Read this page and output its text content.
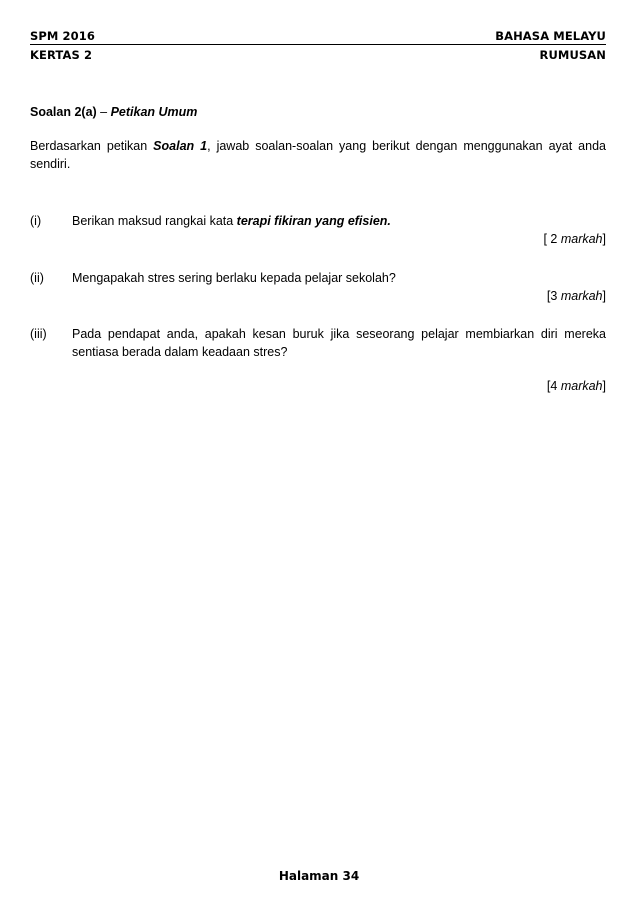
SPM 2016	BAHASA MELAYU
KERTAS 2	RUMUSAN
Soalan 2(a) – Petikan Umum
Berdasarkan petikan Soalan 1, jawab soalan-soalan yang berikut dengan menggunakan ayat anda sendiri.
(i) Berikan maksud rangkai kata terapi fikiran yang efisien.
[ 2 markah]
(ii) Mengapakah stres sering berlaku kepada pelajar sekolah?
[3 markah]
(iii) Pada pendapat anda, apakah kesan buruk jika seseorang pelajar membiarkan diri mereka sentiasa berada dalam keadaan stres?
[4 markah]
Halaman 34
